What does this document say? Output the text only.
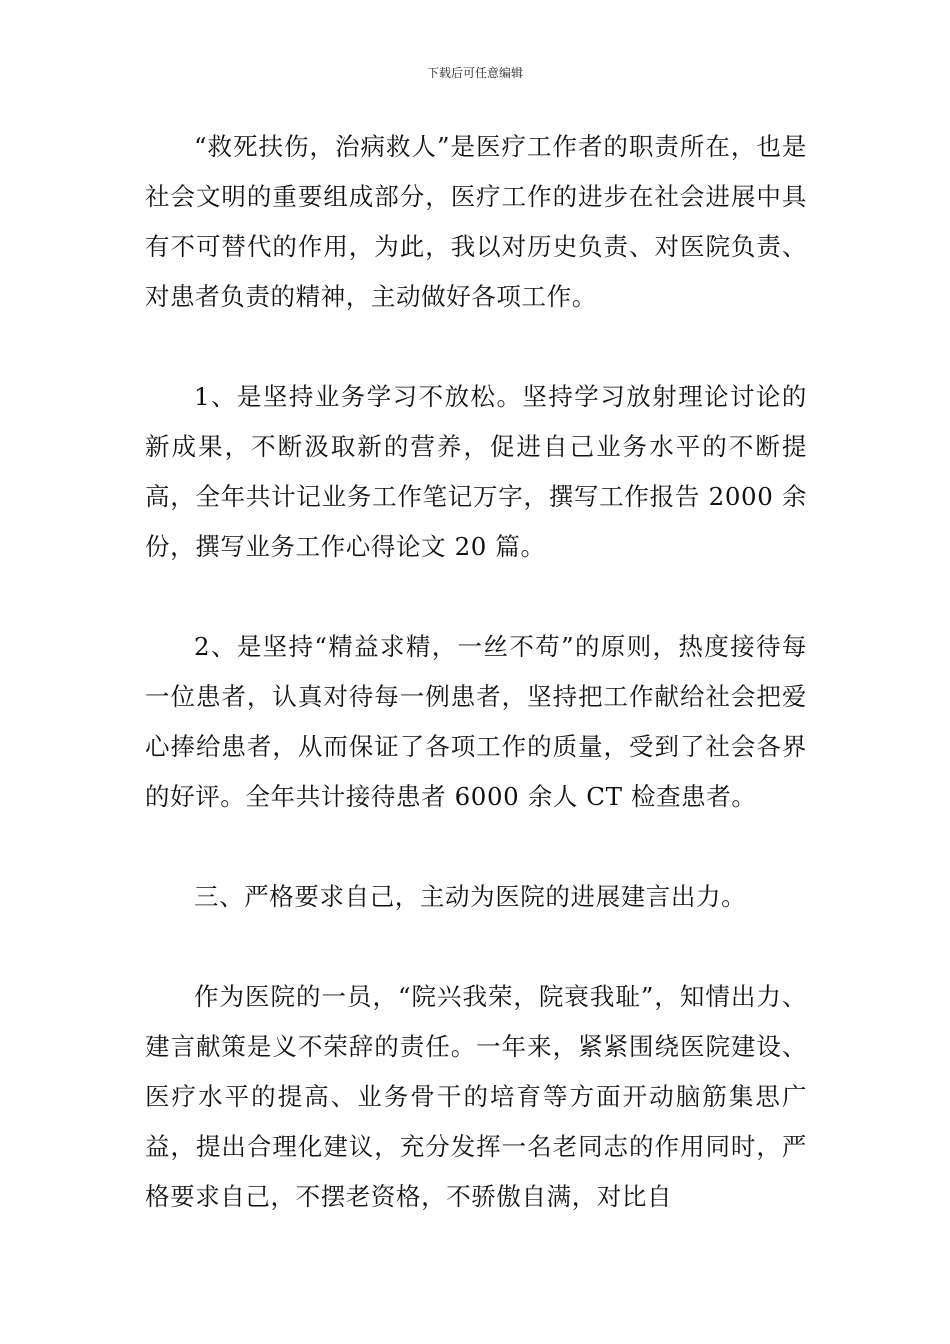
下载后可任意编辑

“救死扶伤，治病救人”是医疗工作者的职责所在，也是社会文明的重要组成部分，医疗工作的进步在社会进展中具有不可替代的作用，为此，我以对历史负责、对医院负责、对患者负责的精神，主动做好各项工作。

1、是坚持业务学习不放松。坚持学习放射理论讨论的新成果，不断汲取新的营养，促进自己业务水平的不断提高，全年共计记业务工作笔记万字，撰写工作报告 2000 余份，撰写业务工作心得论文 20 篇。

2、是坚持“精益求精，一丝不苟”的原则，热度接待每一位患者，认真对待每一例患者，坚持把工作献给社会把爱心捧给患者，从而保证了各项工作的质量，受到了社会各界的好评。全年共计接待患者 6000 余人 CT 检查患者。

三、严格要求自己，主动为医院的进展建言出力。

作为医院的一员，“院兴我荣，院衰我耻”，知情出力、建言献策是义不荣辞的责任。一年来，紧紧围绕医院建设、医疗水平的提高、业务骨干的培育等方面开动脑筋集思广益，提出合理化建议，充分发挥一名老同志的作用同时，严格要求自己，不摆老资格，不骄傲自满，对比自
